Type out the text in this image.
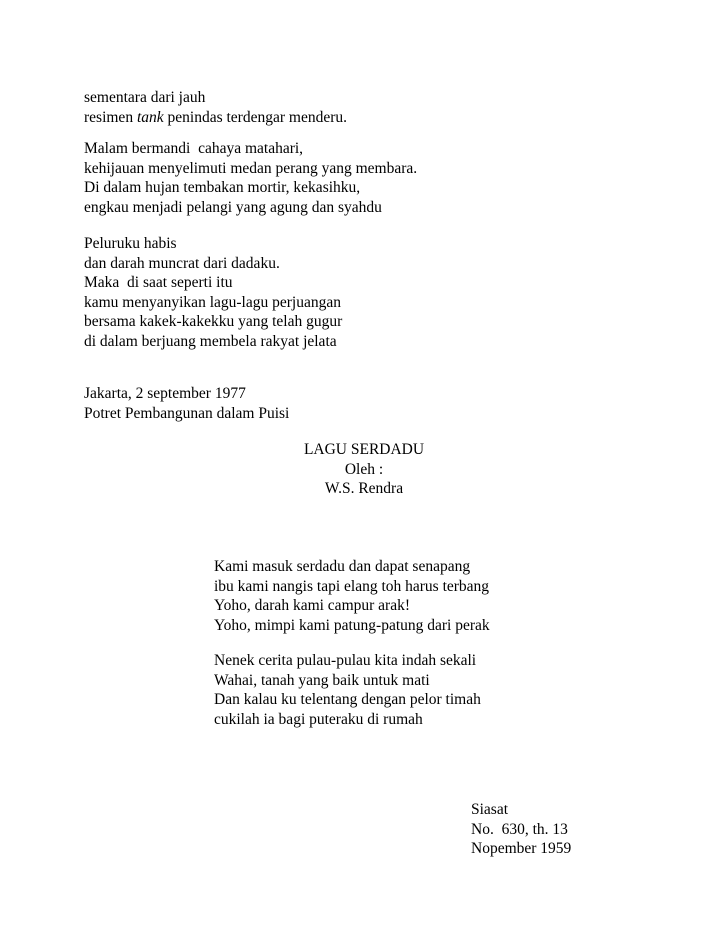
sementara dari jauh
resimen tank penindas terdengar menderu.
Malam bermandi  cahaya matahari,
kehijauan menyelimuti medan perang yang membara.
Di dalam hujan tembakan mortir, kekasihku,
engkau menjadi pelangi yang agung dan syahdu
Peluruku habis
dan darah muncrat dari dadaku.
Maka  di saat seperti itu
kamu menyanyikan lagu-lagu perjuangan
bersama kakek-kakekku yang telah gugur
di dalam berjuang membela rakyat jelata
Jakarta, 2 september 1977
Potret Pembangunan dalam Puisi
LAGU SERDADU
Oleh :
W.S. Rendra
Kami masuk serdadu dan dapat senapang
ibu kami nangis tapi elang toh harus terbang
Yoho, darah kami campur arak!
Yoho, mimpi kami patung-patung dari perak
Nenek cerita pulau-pulau kita indah sekali
Wahai, tanah yang baik untuk mati
Dan kalau ku telentang dengan pelor timah
cukilah ia bagi puteraku di rumah
Siasat
No.  630, th. 13
Nopember 1959
